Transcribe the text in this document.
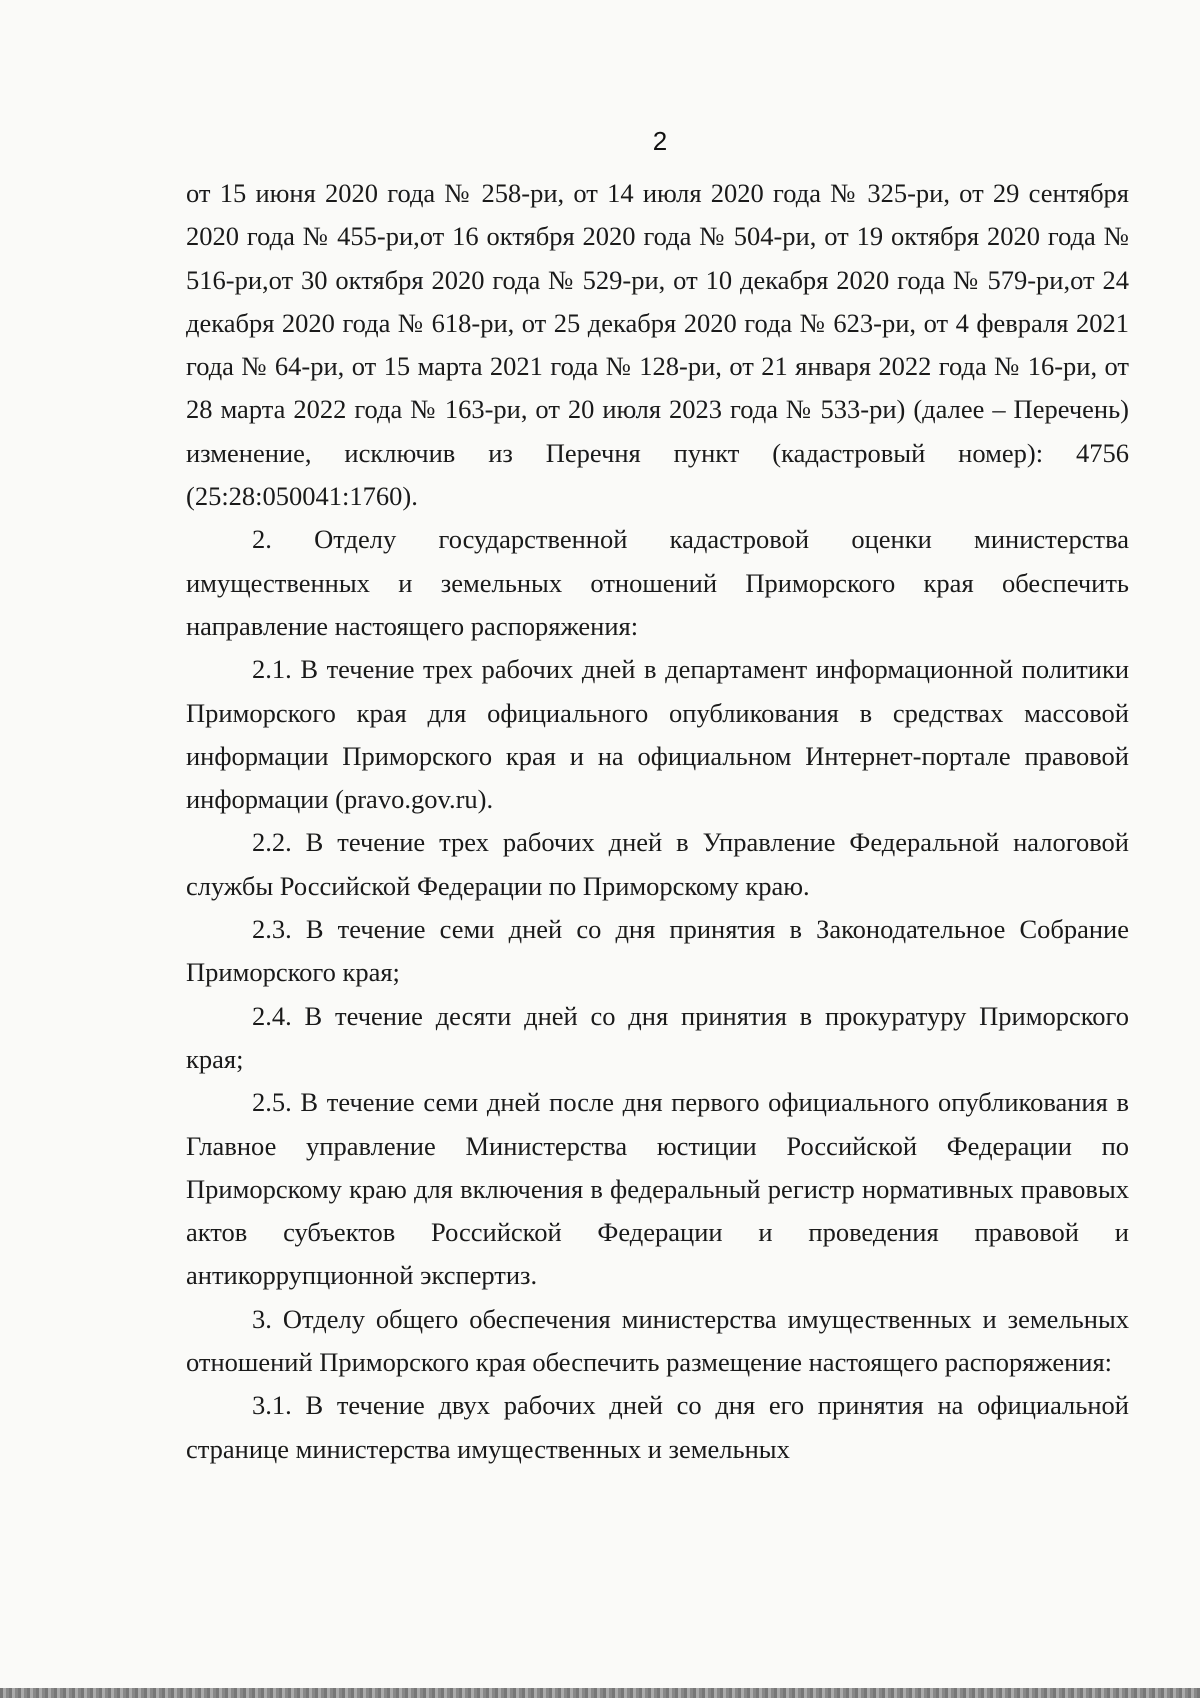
2

от 15 июня 2020 года № 258-ри, от 14 июля 2020 года № 325-ри, от 29 сентября 2020 года № 455-ри,от 16 октября 2020 года № 504-ри, от 19 октября 2020 года № 516-ри,от 30 октября 2020 года № 529-ри, от 10 декабря 2020 года № 579-ри,от 24 декабря 2020 года № 618-ри, от 25 декабря 2020 года № 623-ри, от 4 февраля 2021 года № 64-ри, от 15 марта 2021 года № 128-ри, от 21 января 2022 года № 16-ри, от 28 марта 2022 года № 163-ри, от 20 июля 2023 года № 533-ри) (далее – Перечень) изменение, исключив из Перечня пункт (кадастровый номер): 4756 (25:28:050041:1760).

2. Отделу государственной кадастровой оценки министерства имущественных и земельных отношений Приморского края обеспечить направление настоящего распоряжения:

2.1. В течение трех рабочих дней в департамент информационной политики Приморского края для официального опубликования в средствах массовой информации Приморского края и на официальном Интернет-портале правовой информации (pravo.gov.ru).

2.2. В течение трех рабочих дней в Управление Федеральной налоговой службы Российской Федерации по Приморскому краю.

2.3. В течение семи дней со дня принятия в Законодательное Собрание Приморского края;

2.4. В течение десяти дней со дня принятия в прокуратуру Приморского края;

2.5. В течение семи дней после дня первого официального опубликования в Главное управление Министерства юстиции Российской Федерации по Приморскому краю для включения в федеральный регистр нормативных правовых актов субъектов Российской Федерации и проведения правовой и антикоррупционной экспертиз.

3. Отделу общего обеспечения министерства имущественных и земельных отношений Приморского края обеспечить размещение настоящего распоряжения:

3.1. В течение двух рабочих дней со дня его принятия на официальной странице министерства имущественных и земельных
